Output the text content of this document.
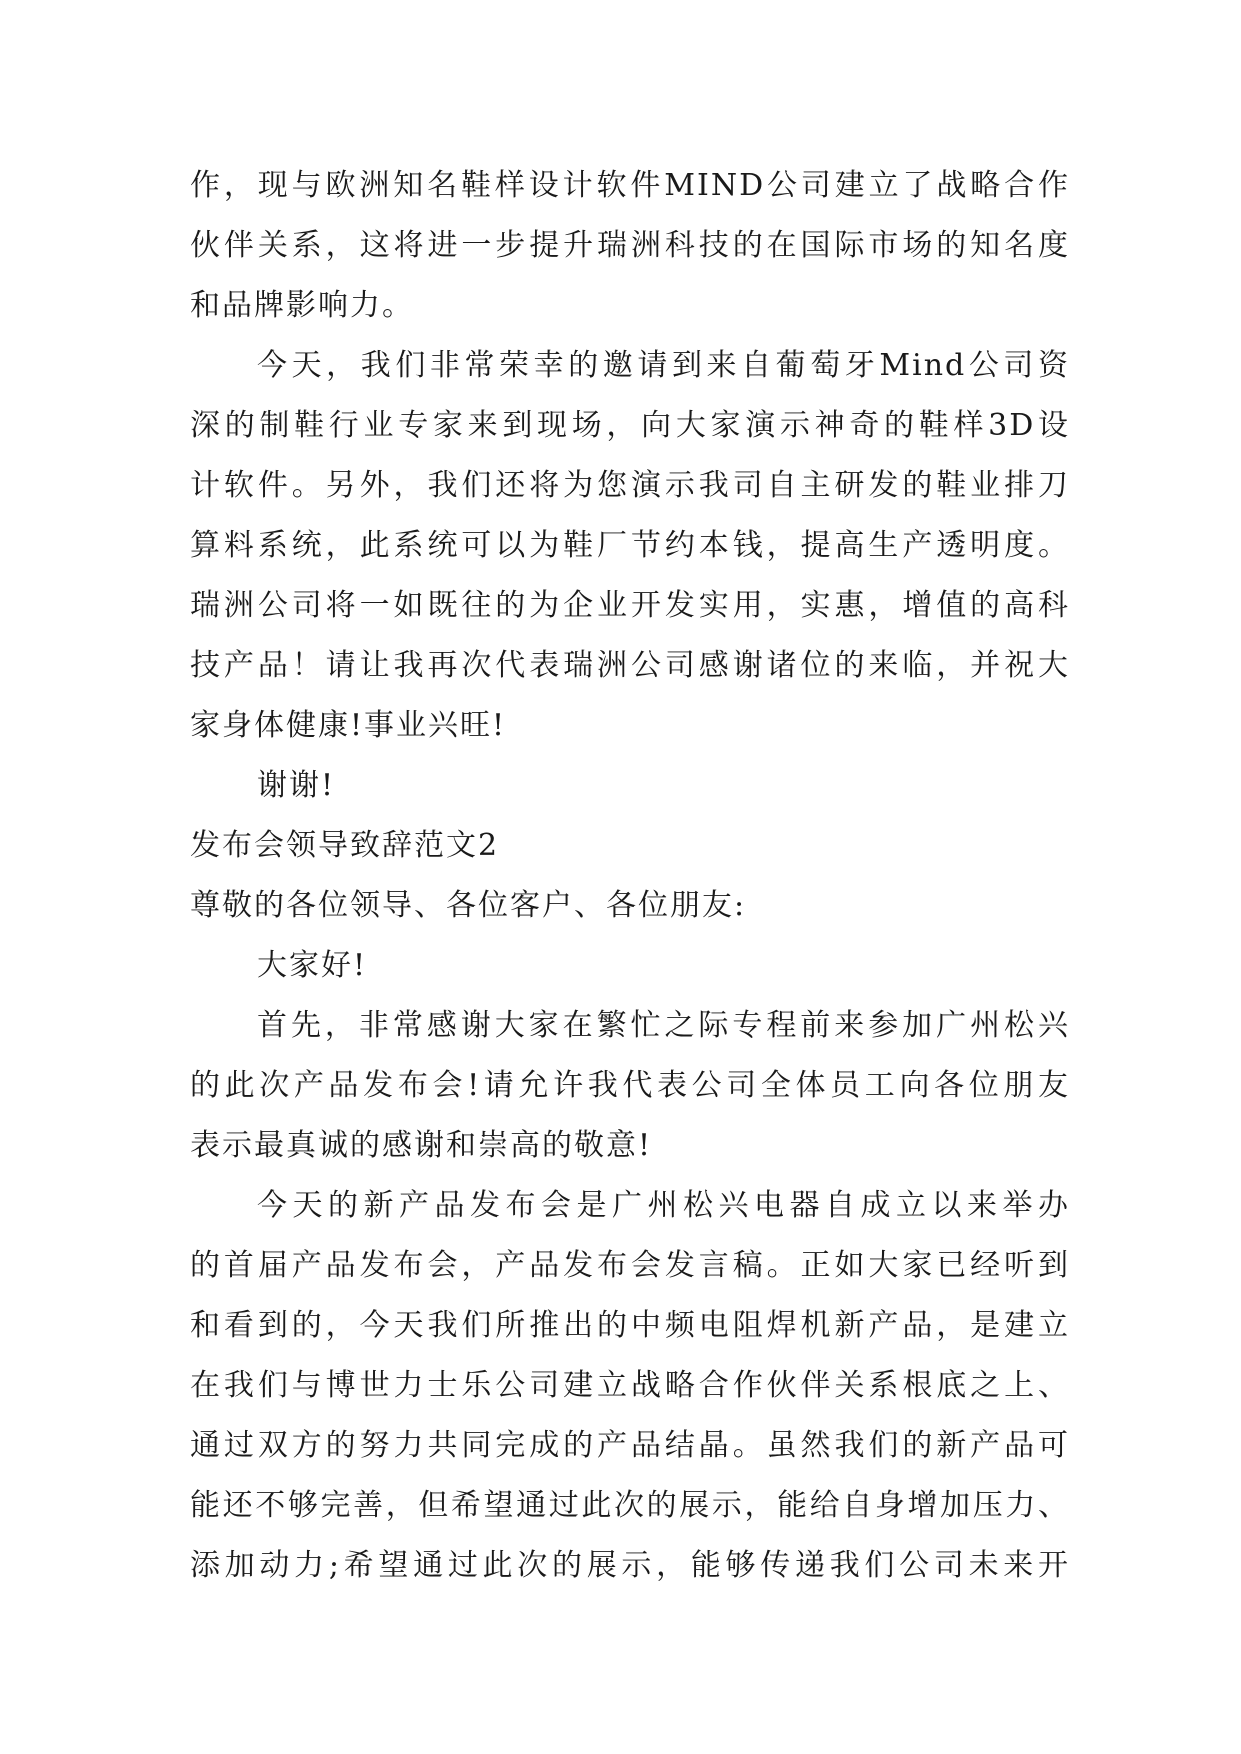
作，现与欧洲知名鞋样设计软件MIND公司建立了战略合作
伙伴关系，这将进一步提升瑞洲科技的在国际市场的知名度
和品牌影响力。
今天，我们非常荣幸的邀请到来自葡萄牙Mind公司资
深的制鞋行业专家来到现场，向大家演示神奇的鞋样3D设
计软件。另外，我们还将为您演示我司自主研发的鞋业排刀
算料系统，此系统可以为鞋厂节约本钱，提高生产透明度。
瑞洲公司将一如既往的为企业开发实用，实惠，增值的高科
技产品！请让我再次代表瑞洲公司感谢诸位的来临，并祝大
家身体健康!事业兴旺!
谢谢!
发布会领导致辞范文2
尊敬的各位领导、各位客户、各位朋友:
大家好!
首先，非常感谢大家在繁忙之际专程前来参加广州松兴
的此次产品发布会!请允许我代表公司全体员工向各位朋友
表示最真诚的感谢和崇高的敬意!
今天的新产品发布会是广州松兴电器自成立以来举办
的首届产品发布会，产品发布会发言稿。正如大家已经听到
和看到的，今天我们所推出的中频电阻焊机新产品，是建立
在我们与博世力士乐公司建立战略合作伙伴关系根底之上、
通过双方的努力共同完成的产品结晶。虽然我们的新产品可
能还不够完善，但希望通过此次的展示，能给自身增加压力、
添加动力;希望通过此次的展示，能够传递我们公司未来开
